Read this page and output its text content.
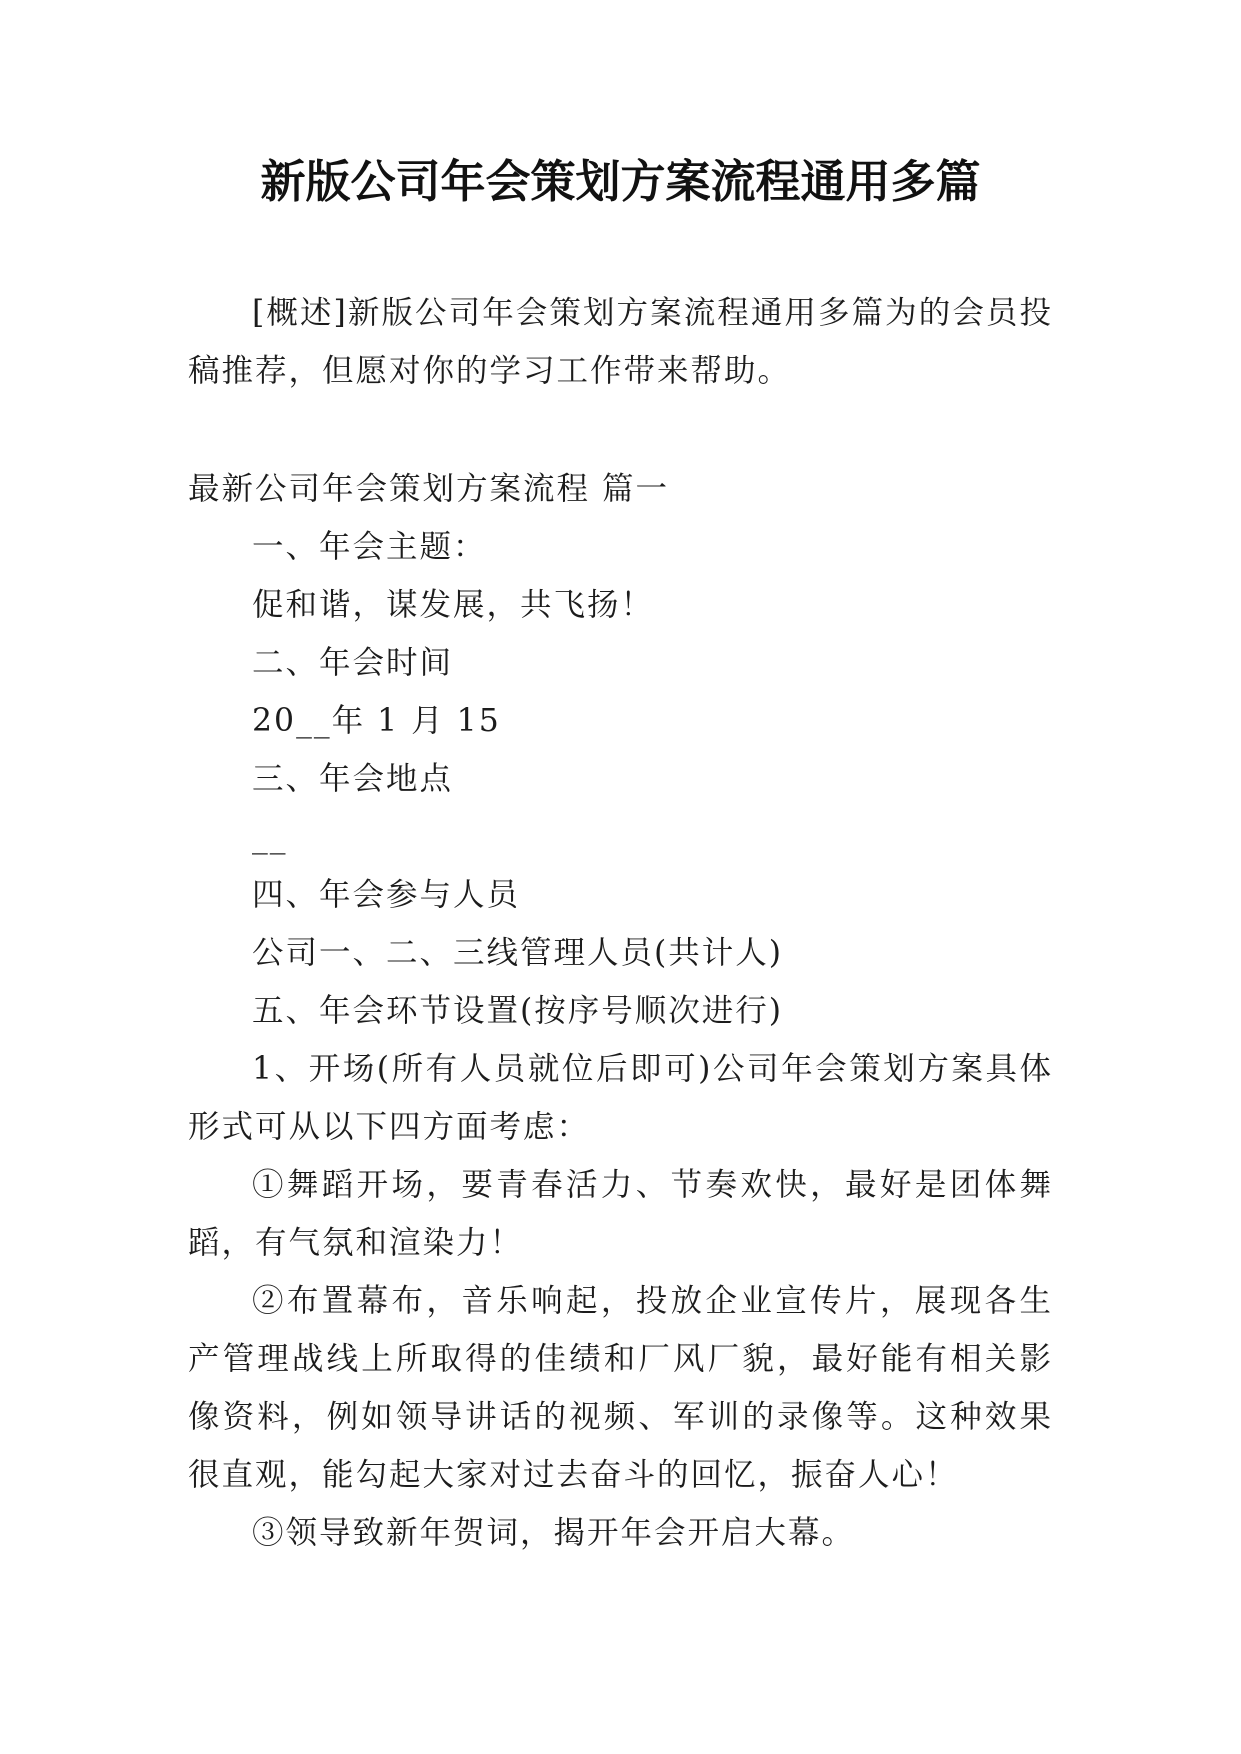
新版公司年会策划方案流程通用多篇

[概述]新版公司年会策划方案流程通用多篇为的会员投稿推荐，但愿对你的学习工作带来帮助。

最新公司年会策划方案流程 篇一

一、年会主题：

促和谐，谋发展，共飞扬！

二、年会时间

20__年 1 月 15

三、年会地点

__

四、年会参与人员

公司一、二、三线管理人员(共计人)

五、年会环节设置(按序号顺次进行)

1、开场(所有人员就位后即可)公司年会策划方案具体形式可从以下四方面考虑：

①舞蹈开场，要青春活力、节奏欢快，最好是团体舞蹈，有气氛和渲染力！

②布置幕布，音乐响起，投放企业宣传片，展现各生产管理战线上所取得的佳绩和厂风厂貌，最好能有相关影像资料，例如领导讲话的视频、军训的录像等。这种效果很直观，能勾起大家对过去奋斗的回忆，振奋人心！

③领导致新年贺词，揭开年会开启大幕。
